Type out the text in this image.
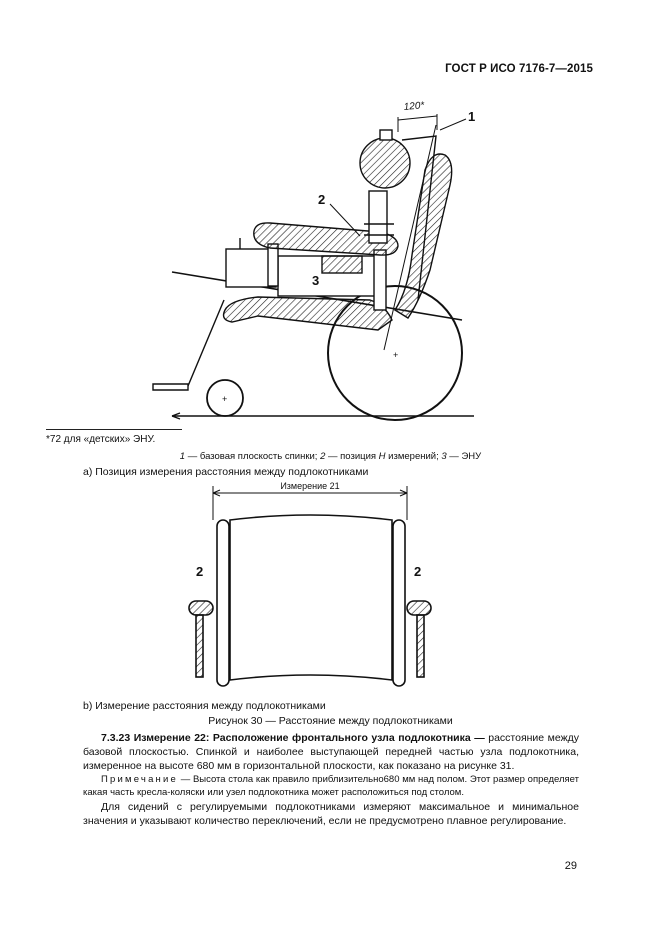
ГОСТ Р ИСО 7176-7—2015
+
+
120*
1
2
3
Измерение 21
2	2
*72 для «детских» ЭНУ.
1 — базовая плоскость спинки; 2 — позиция H измерений; 3 — ЭНУ
а) Позиция измерения расстояния между подлокотниками
b) Измерение расстояния между подлокотниками
Рисунок 30 — Расстояние между подлокотниками
7.3.23 Измерение 22: Расположение фронтального узла подлокотника — расстояние между базовой плоскостью. Спинкой и наиболее выступающей передней частью узла подлокотника, измеренное на высоте 680 мм в горизонтальной плоскости, как показано на рисунке 31.
Примечание — Высота стола как правило приблизительно680 мм над полом. Этот размер определяет какая часть кресла-коляски или узел подлокотника может расположиться под столом.
Для сидений с регулируемыми подлокотниками измеряют максимальное и минимальное значения и указывают количество переключений, если не предусмотрено плавное регулирование.
29
